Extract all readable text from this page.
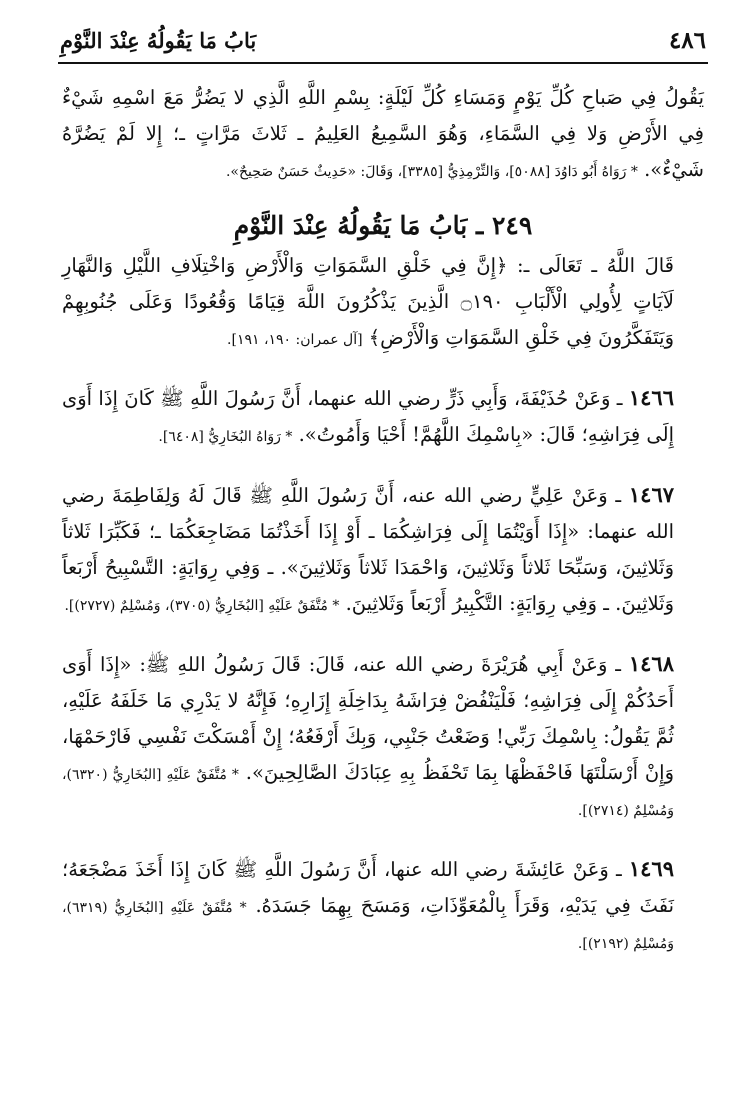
بَابُ مَا يَقُولُهُ عِنْدَ النَّوْمِ	٤٨٦

يَقُولُ فِي صَباحِ كُلِّ يَوْمٍ وَمَسَاءِ كُلِّ لَيْلَةٍ: بِسْمِ اللَّهِ الَّذِي لا يَضُرُّ مَعَ اسْمِهِ شَيْءٌ فِي الأَرْضِ وَلا فِي السَّمَاءِ، وَهُوَ السَّمِيعُ العَلِيمُ ـ ثَلاثَ مَرَّاتٍ ـ؛ إِلا لَمْ يَضُرَّهُ شَيْءٌ». * رَوَاهُ أَبُو دَاوُدَ [٥٠٨٨]، وَالتِّرْمِذِيُّ [٣٣٨٥]، وَقَالَ: «حَدِيثٌ حَسَنٌ صَحِيحٌ».

٢٤٩ ـ بَابُ مَا يَقُولُهُ عِنْدَ النَّوْمِ

قَالَ اللَّهُ ـ تَعَالَى ـ: ﴿إِنَّ فِي خَلْقِ السَّمَوَاتِ وَالْأَرْضِ وَاخْتِلَافِ اللَّيْلِ وَالنَّهَارِ لَآيَاتٍ لِأُولِي الْأَلْبَابِ ۝١٩٠ الَّذِينَ يَذْكُرُونَ اللَّهَ قِيَامًا وَقُعُودًا وَعَلَى جُنُوبِهِمْ وَيَتَفَكَّرُونَ فِي خَلْقِ السَّمَوَاتِ وَالْأَرْضِ﴾ [آل عمران: ١٩٠، ١٩١].

١٤٦٦ ـ وَعَنْ حُذَيْفَةَ، وَأَبِي ذَرٍّ رضي الله عنهما، أَنَّ رَسُولَ اللَّهِ ﷺ كَانَ إِذَا أَوَى إِلَى فِرَاشِهِ؛ قَالَ: «بِاسْمِكَ اللَّهُمَّ! أَحْيَا وَأَمُوتُ». * رَوَاهُ البُخَارِيُّ [٦٤٠٨].

١٤٦٧ ـ وَعَنْ عَلِيٍّ رضي الله عنه، أَنَّ رَسُولَ اللَّهِ ﷺ قَالَ لَهُ وَلِفَاطِمَةَ رضي الله عنهما: «إِذَا أَوَيْتُمَا إِلَى فِرَاشِكُمَا ـ أَوْ إِذَا أَخَذْتُمَا مَضَاجِعَكُمَا ـ؛ فَكَبِّرَا ثَلاثاً وَثَلاثِينَ، وَسَبِّحَا ثَلاثاً وَثَلاثِينَ، وَاحْمَدَا ثَلاثاً وَثَلاثِينَ». ـ وَفِي رِوَايَةٍ: التَّسْبِيحُ أَرْبَعاً وَثَلاثِينَ. ـ وَفِي رِوَايَةٍ: التَّكْبِيرُ أَرْبَعاً وَثَلاثِينَ. * مُتَّفَقٌ عَلَيْهِ [البُخَارِيُّ (٣٧٠٥)، وَمُسْلِمٌ (٢٧٢٧)].

١٤٦٨ ـ وَعَنْ أَبِي هُرَيْرَةَ رضي الله عنه، قَالَ: قَالَ رَسُولُ اللهِ ﷺ: «إِذَا أَوَى أَحَدُكُمْ إِلَى فِرَاشِهِ؛ فَلْيَنْفُضْ فِرَاشَهُ بِدَاخِلَةِ إِزَارِهِ؛ فَإِنَّهُ لا يَدْرِي مَا خَلَفَهُ عَلَيْهِ، ثُمَّ يَقُولُ: بِاسْمِكَ رَبِّي! وَضَعْتُ جَنْبِي، وَبِكَ أَرْفَعُهُ؛ إِنْ أَمْسَكْتَ نَفْسِي فَارْحَمْهَا، وَإِنْ أَرْسَلْتَهَا فَاحْفَظْهَا بِمَا تَحْفَظُ بِهِ عِبَادَكَ الصَّالِحِينَ». * مُتَّفَقٌ عَلَيْهِ [البُخَارِيُّ (٦٣٢٠)، وَمُسْلِمٌ (٢٧١٤)].

١٤٦٩ ـ وَعَنْ عَائِشَةَ رضي الله عنها، أَنَّ رَسُولَ اللَّهِ ﷺ كَانَ إِذَا أَخَذَ مَضْجَعَهُ؛ نَفَثَ فِي يَدَيْهِ، وَقَرَأَ بِالْمُعَوِّذَاتِ، وَمَسَحَ بِهِمَا جَسَدَهُ. * مُتَّفَقٌ عَلَيْهِ [البُخَارِيُّ (٦٣١٩)، وَمُسْلِمٌ (٢١٩٢)].
